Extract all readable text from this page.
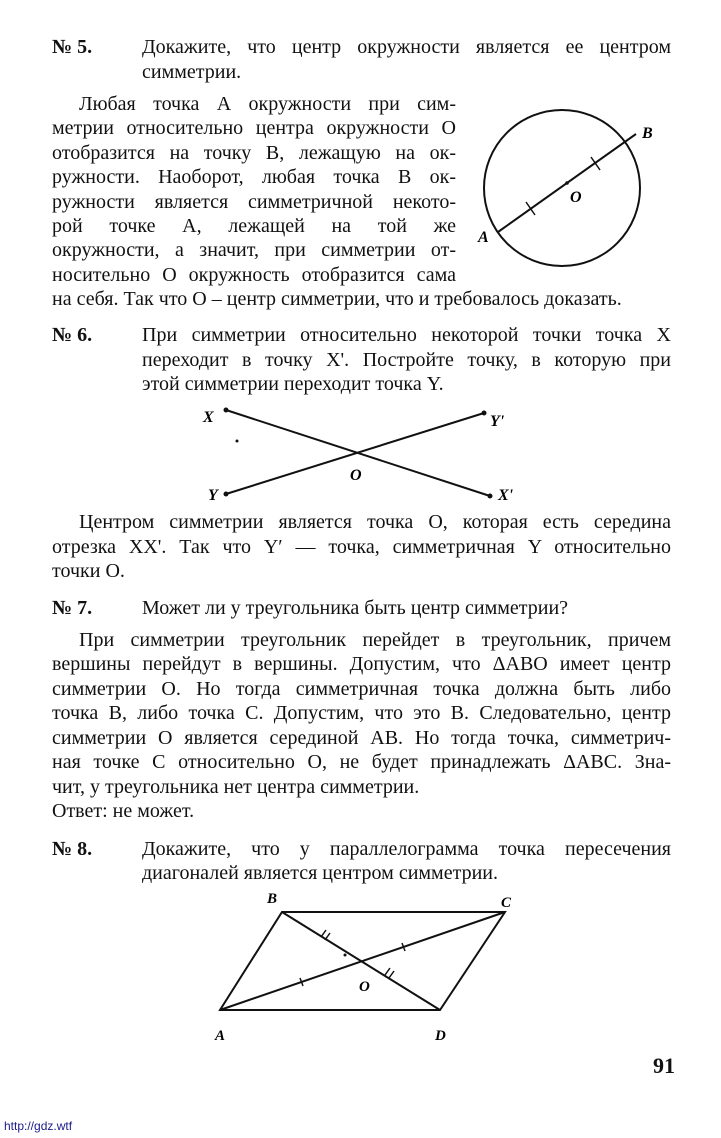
№ 5. Докажите, что центр окружности является ее центром
симметрии.
Любая точка А окружности при сим-
метрии относительно центра окружности О
отобразится на точку В, лежащую на ок-
ружности. Наоборот, любая точка В ок-
ружности является симметричной некото-
рой точке А, лежащей на той же
окружности, а значит, при симметрии от-
носительно О окружность отобразится сама
на себя. Так что О – центр симметрии, что и требовалось доказать.
A
B
O
№ 6. При симметрии относительно некоторой точки точка X
переходит в точку X'. Постройте точку, в которую при
этой симметрии переходит точка Y.
X	Y'
Y	X'
O
Центром симметрии является точка О, которая есть середина
отрезка XX'. Так что Y′ — точка, симметричная Y относительно
точки О.
№ 7. Может ли у треугольника быть центр симметрии?
При симметрии треугольник перейдет в треугольник, причем
вершины перейдут в вершины. Допустим, что ΔАВО имеет центр
симметрии О. Но тогда симметричная точка должна быть либо
точка В, либо точка С. Допустим, что это В. Следовательно, центр
симметрии О является серединой АВ. Но тогда точка, симметрич-
ная точке С относительно О, не будет принадлежать ΔАВС. Зна-
чит, у треугольника нет центра симметрии.
Ответ: не может.
№ 8. Докажите, что у параллелограмма точка пересечения
диагоналей является центром симметрии.
A
B	C
D
O
91
http://gdz.wtf
